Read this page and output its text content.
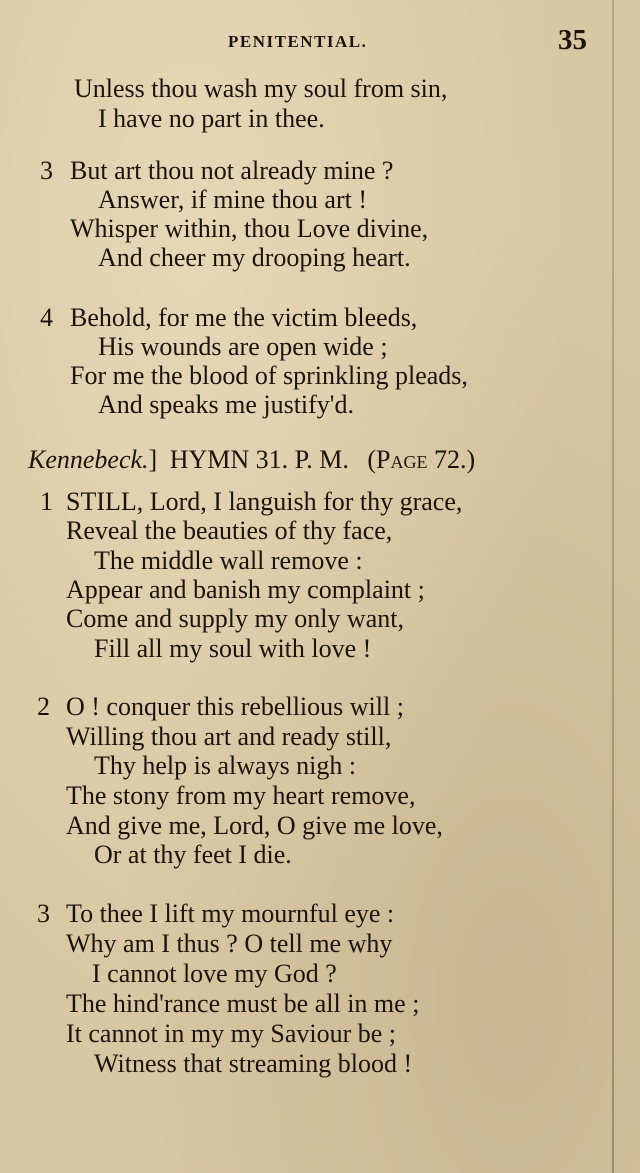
PENITENTIAL.	35
Unless thou wash my soul from sin,
I have no part in thee.
3 But art thou not already mine ?
Answer, if mine thou art !
Whisper within, thou Love divine,
And cheer my drooping heart.
4 Behold, for me the victim bleeds,
His wounds are open wide ;
For me the blood of sprinkling pleads,
And speaks me justify'd.
Kennebeck.] HYMN 31. P. M. (Page 72.)
1 STILL, Lord, I languish for thy grace,
Reveal the beauties of thy face,
The middle wall remove :
Appear and banish my complaint ;
Come and supply my only want,
Fill all my soul with love !
2 O ! conquer this rebellious will ;
Willing thou art and ready still,
Thy help is always nigh :
The stony from my heart remove,
And give me, Lord, O give me love,
Or at thy feet I die.
3 To thee I lift my mournful eye :
Why am I thus ? O tell me why
I cannot love my God ?
The hind'rance must be all in me ;
It cannot in my my Saviour be ;
Witness that streaming blood !
